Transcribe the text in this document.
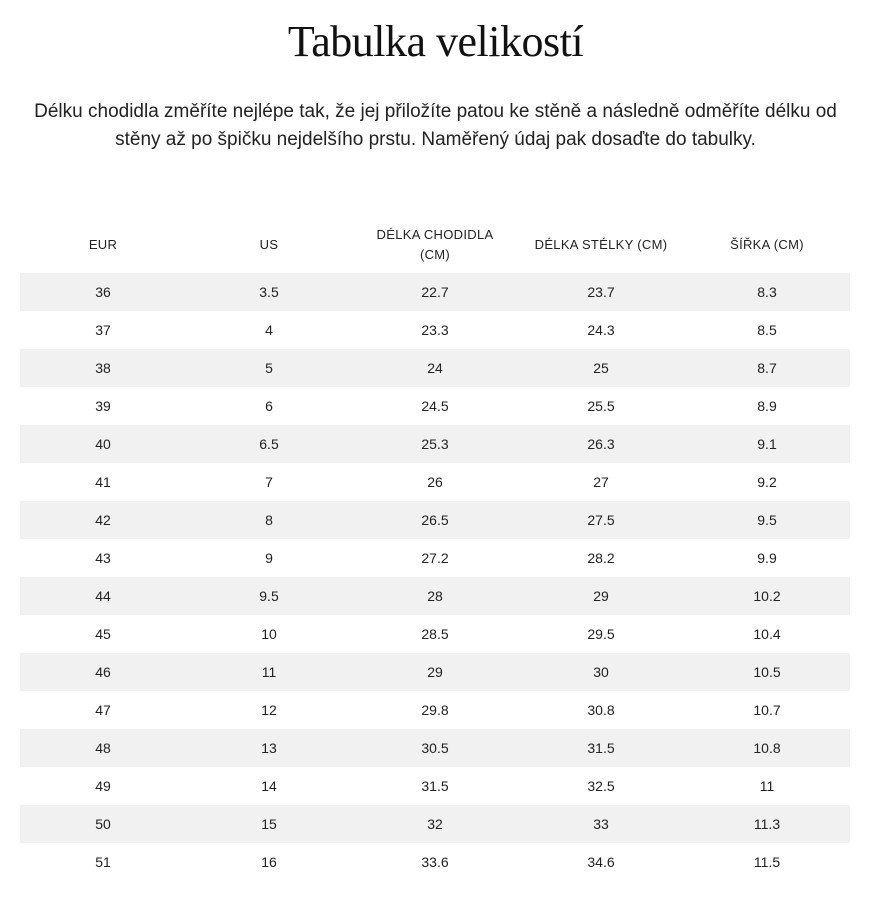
Tabulka velikostí

Délku chodidla změříte nejlépe tak, že jej přiložíte patou ke stěně a následně odměříte délku od stěny až po špičku nejdelšího prstu. Naměřený údaj pak dosaďte do tabulky.

EUR	US	DÉLKA CHODIDLA (CM)	DÉLKA STÉLKY (CM)	ŠÍŘKA (CM)
36	3.5	22.7	23.7	8.3
37	4	23.3	24.3	8.5
38	5	24	25	8.7
39	6	24.5	25.5	8.9
40	6.5	25.3	26.3	9.1
41	7	26	27	9.2
42	8	26.5	27.5	9.5
43	9	27.2	28.2	9.9
44	9.5	28	29	10.2
45	10	28.5	29.5	10.4
46	11	29	30	10.5
47	12	29.8	30.8	10.7
48	13	30.5	31.5	10.8
49	14	31.5	32.5	11
50	15	32	33	11.3
51	16	33.6	34.6	11.5
